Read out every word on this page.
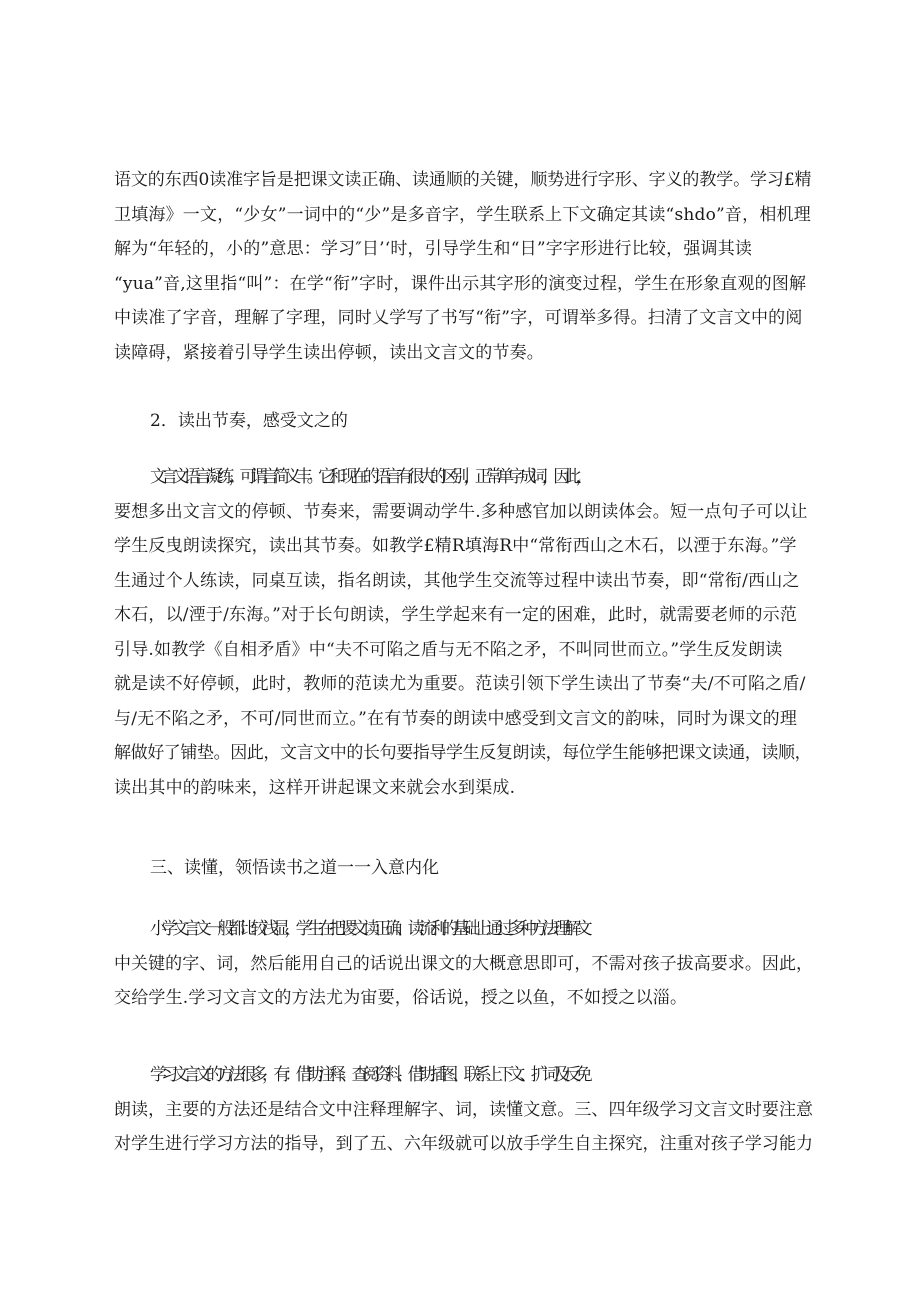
语文的东西0读准字旨是把课文读正确、读通顺的关键，顺势进行字形、字义的教学。学习£精
卫填海》一文，“少女”一词中的“少”是多音字，学生联系上下文确定其读“shdo”音，相机理
解为“年轻的，小的”意思：学习″日’‘时，引导学生和“日”字字形进行比较，强调其读
“yua”音,这里指“叫”：在学“衔”字时，课件出示其字形的演变过程，学生在形象直观的图解
中读准了字音，理解了字理，同时乂学写了书写“衔”字，可谓举多得。扫清了文言文中的阅
读障碍，紧接着引导学生读出停顿，读出文言文的节奏。
2．读出节奏，感受文之的
文言文语言凝练，可谓言简义丰。它和现在的语言有很大的区别，正常单字成词，因此，
要想多出文言文的停顿、节奏来，需要调动学牛.多种感官加以朗读体会。短一点句子可以让
学生反曳朗读探究，读出其节奏。如教学£精R填海R中“常衔西山之木石，以湮于东海。”学
生通过个人练读，同桌互读，指名朗读，其他学生交流等过程中读出节奏，即“常衔/西山之
木石，以/湮于/东海。”对于长句朗读，学生学起来有一定的困难，此时，就需要老师的示范
引导.如教学《自相矛盾》中“夫不可陷之盾与无不陷之矛，不叫同世而立。”学生反发朗读
就是读不好停顿，此时，教师的范读尤为重要。范读引领下学生读出了节奏“夫/不可陷之盾/
与/无不陷之矛，不可/同世而立。”在有节奏的朗读中感受到文言文的韵味，同时为课文的理
解做好了铺垫。因此，文言文中的长句要指导学生反复朗读，每位学生能够把课文读通，读顺，
读出其中的韵味来，这样开讲起课文来就会水到渠成.
三、读懂，领悟读书之道一一入意内化
小学文言文一般都比较浅显，学生在把谡文读正确、读流利的基础上通过多种方法理解文
中关键的字、词，然后能用自己的话说出课文的大概意思即可，不需对孩子拔高要求。因此，
交给学生.学习文言文的方法尤为宙要，俗话说，授之以鱼，不如授之以淄。
学习文言文的方法很多，有：借助注释、查阅资料、借助插图、联系上下文、扩词及反免
朗读，主要的方法还是结合文中注释理解字、词，读懂文意。三、四年级学习文言文时要注意
对学生进行学习方法的指导，到了五、六年级就可以放手学生自主探究，注重对孩子学习能力
